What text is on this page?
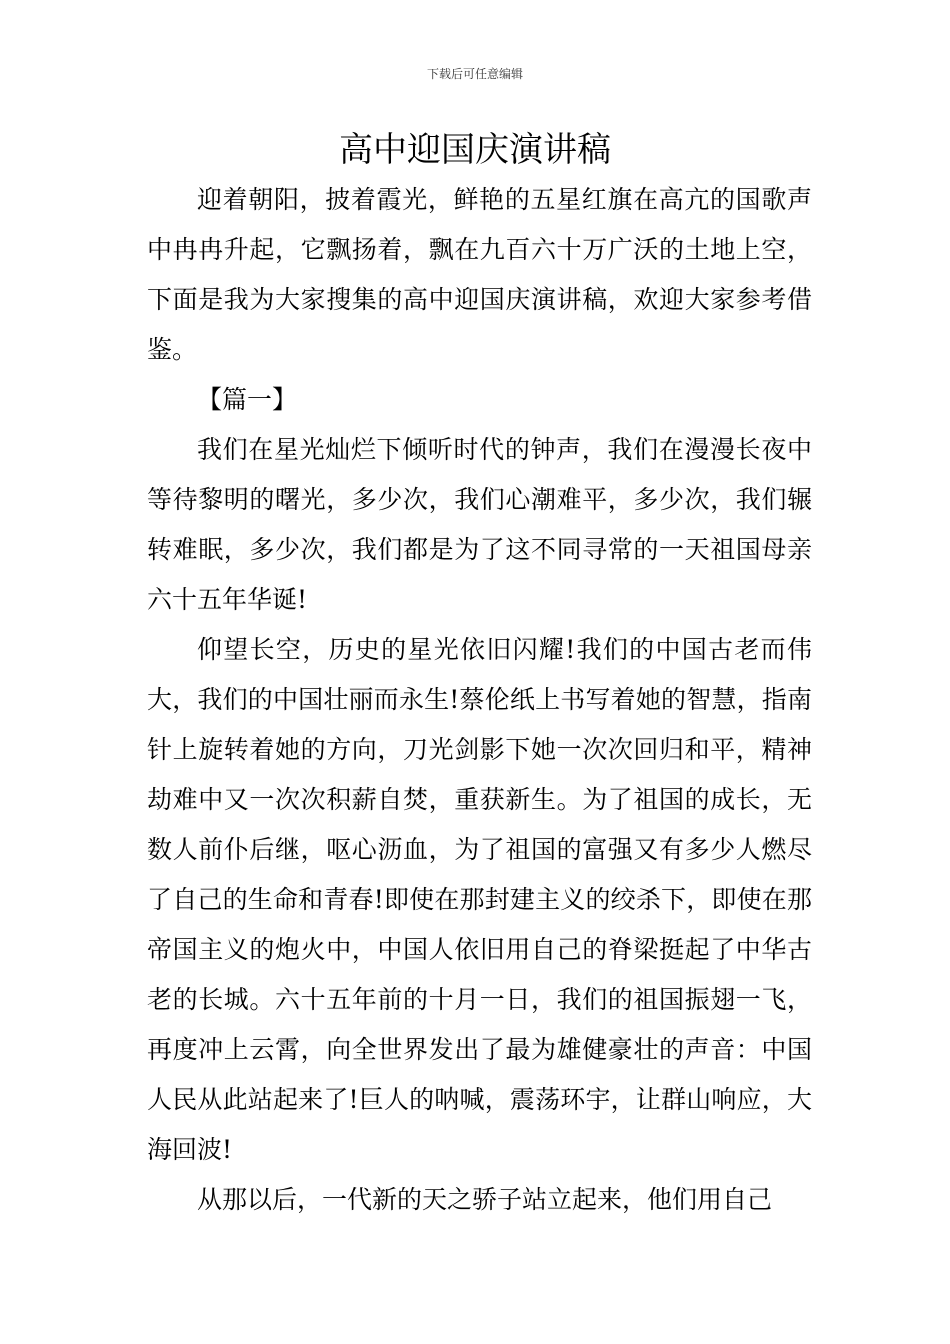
下载后可任意编辑
高中迎国庆演讲稿

迎着朝阳，披着霞光，鲜艳的五星红旗在高亢的国歌声中冉冉升起，它飘扬着，飘在九百六十万广沃的土地上空，下面是我为大家搜集的高中迎国庆演讲稿，欢迎大家参考借鉴。

【篇一】

我们在星光灿烂下倾听时代的钟声，我们在漫漫长夜中等待黎明的曙光，多少次，我们心潮难平，多少次，我们辗转难眠，多少次，我们都是为了这不同寻常的一天祖国母亲六十五年华诞!

仰望长空，历史的星光依旧闪耀!我们的中国古老而伟大，我们的中国壮丽而永生!蔡伦纸上书写着她的智慧，指南针上旋转着她的方向，刀光剑影下她一次次回归和平，精神劫难中又一次次积薪自焚，重获新生。为了祖国的成长，无数人前仆后继，呕心沥血，为了祖国的富强又有多少人燃尽了自己的生命和青春!即使在那封建主义的绞杀下，即使在那帝国主义的炮火中，中国人依旧用自己的脊梁挺起了中华古老的长城。六十五年前的十月一日，我们的祖国振翅一飞，再度冲上云霄，向全世界发出了最为雄健豪壮的声音：中国人民从此站起来了!巨人的呐喊，震荡环宇，让群山响应，大海回波!

从那以后，一代新的天之骄子站立起来，他们用自己
